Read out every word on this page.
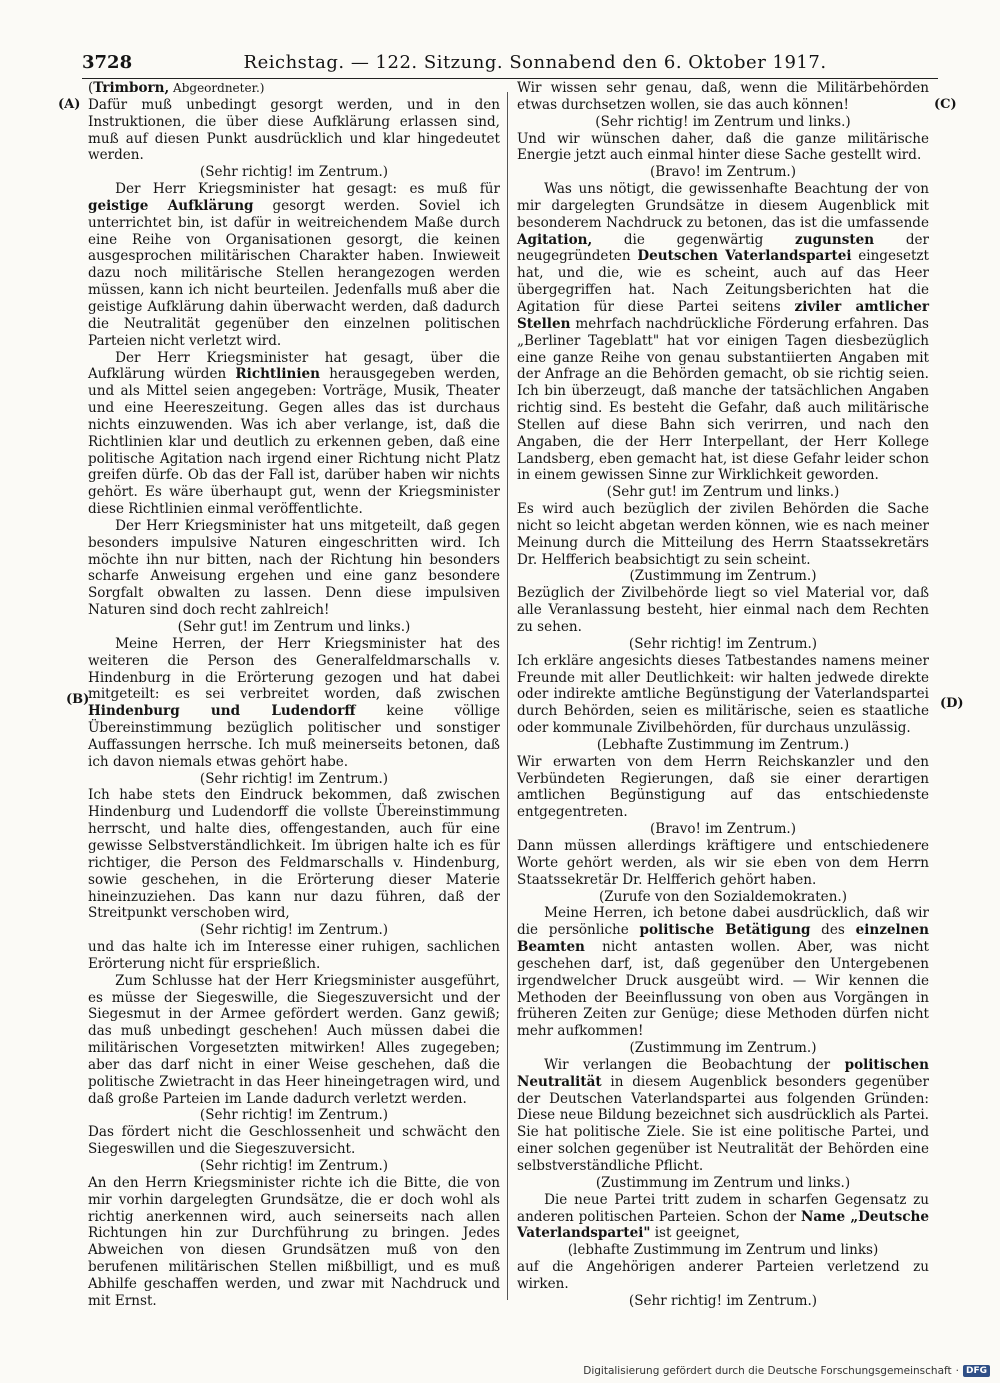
3728	Reichstag. — 122. Sitzung. Sonnabend den 6. Oktober 1917.

(Trimborn, Abgeordneter.)

Dafür muß unbedingt gesorgt werden, und in den Instruktionen, die über diese Aufklärung erlassen sind, muß auf diesen Punkt ausdrücklich und klar hingedeutet werden.

(Sehr richtig! im Zentrum.)

Der Herr Kriegsminister hat gesagt: es muß für geistige Aufklärung gesorgt werden. Soviel ich unterrichtet bin, ist dafür in weitreichendem Maße durch eine Reihe von Organisationen gesorgt, die keinen ausgesprochen militärischen Charakter haben. Inwieweit dazu noch militärische Stellen herangezogen werden müssen, kann ich nicht beurteilen. Jedenfalls muß aber die geistige Aufklärung dahin überwacht werden, daß dadurch die Neutralität gegenüber den einzelnen politischen Parteien nicht verletzt wird.

Der Herr Kriegsminister hat gesagt, über die Aufklärung würden Richtlinien herausgegeben werden, und als Mittel seien angegeben: Vorträge, Musik, Theater und eine Heereszeitung. Gegen alles das ist durchaus nichts einzuwenden. Was ich aber verlange, ist, daß die Richtlinien klar und deutlich zu erkennen geben, daß eine politische Agitation nach irgend einer Richtung nicht Platz greifen dürfe. Ob das der Fall ist, darüber haben wir nichts gehört. Es wäre überhaupt gut, wenn der Kriegsminister diese Richtlinien einmal veröffentlichte.

Der Herr Kriegsminister hat uns mitgeteilt, daß gegen besonders impulsive Naturen eingeschritten wird. Ich möchte ihn nur bitten, nach der Richtung hin besonders scharfe Anweisung ergehen und eine ganz besondere Sorgfalt obwalten zu lassen. Denn diese impulsiven Naturen sind doch recht zahlreich!

(Sehr gut! im Zentrum und links.)

Meine Herren, der Herr Kriegsminister hat des weiteren die Person des Generalfeldmarschalls v. Hindenburg in die Erörterung gezogen und hat dabei mitgeteilt: es sei verbreitet worden, daß zwischen Hindenburg und Ludendorff keine völlige Übereinstimmung bezüglich politischer und sonstiger Auffassungen herrsche. Ich muß meinerseits betonen, daß ich davon niemals etwas gehört habe.

(Sehr richtig! im Zentrum.)

Ich habe stets den Eindruck bekommen, daß zwischen Hindenburg und Ludendorff die vollste Übereinstimmung herrscht, und halte dies, offengestanden, auch für eine gewisse Selbstverständlichkeit. Im übrigen halte ich es für richtiger, die Person des Feldmarschalls v. Hindenburg, sowie geschehen, in die Erörterung dieser Materie hineinzuziehen. Das kann nur dazu führen, daß der Streitpunkt verschoben wird,

(Sehr richtig! im Zentrum.)

und das halte ich im Interesse einer ruhigen, sachlichen Erörterung nicht für ersprießlich.

Zum Schlusse hat der Herr Kriegsminister ausgeführt, es müsse der Siegeswille, die Siegeszuversicht und der Siegesmut in der Armee gefördert werden. Ganz gewiß; das muß unbedingt geschehen! Auch müssen dabei die militärischen Vorgesetzten mitwirken! Alles zugegeben; aber das darf nicht in einer Weise geschehen, daß die politische Zwietracht in das Heer hineingetragen wird, und daß große Parteien im Lande dadurch verletzt werden.

(Sehr richtig! im Zentrum.)

Das fördert nicht die Geschlossenheit und schwächt den Siegeswillen und die Siegeszuversicht.

(Sehr richtig! im Zentrum.)

An den Herrn Kriegsminister richte ich die Bitte, die von mir vorhin dargelegten Grundsätze, die er doch wohl als richtig anerkennen wird, auch seinerseits nach allen Richtungen hin zur Durchführung zu bringen. Jedes Abweichen von diesen Grundsätzen muß von den berufenen militärischen Stellen mißbilligt, und es muß Abhilfe geschaffen werden, und zwar mit Nachdruck und mit Ernst.

Wir wissen sehr genau, daß, wenn die Militärbehörden etwas durchsetzen wollen, sie das auch können!

(Sehr richtig! im Zentrum und links.)

Und wir wünschen daher, daß die ganze militärische Energie jetzt auch einmal hinter diese Sache gestellt wird.

(Bravo! im Zentrum.)

Was uns nötigt, die gewissenhafte Beachtung der von mir dargelegten Grundsätze in diesem Augenblick mit besonderem Nachdruck zu betonen, das ist die umfassende Agitation, die gegenwärtig zugunsten der neugegründeten Deutschen Vaterlandspartei eingesetzt hat, und die, wie es scheint, auch auf das Heer übergegriffen hat. Nach Zeitungsberichten hat die Agitation für diese Partei seitens ziviler amtlicher Stellen mehrfach nachdrückliche Förderung erfahren. Das „Berliner Tageblatt" hat vor einigen Tagen diesbezüglich eine ganze Reihe von genau substantiierten Angaben mit der Anfrage an die Behörden gemacht, ob sie richtig seien. Ich bin überzeugt, daß manche der tatsächlichen Angaben richtig sind. Es besteht die Gefahr, daß auch militärische Stellen auf diese Bahn sich verirren, und nach den Angaben, die der Herr Interpellant, der Herr Kollege Landsberg, eben gemacht hat, ist diese Gefahr leider schon in einem gewissen Sinne zur Wirklichkeit geworden.

(Sehr gut! im Zentrum und links.)

Es wird auch bezüglich der zivilen Behörden die Sache nicht so leicht abgetan werden können, wie es nach meiner Meinung durch die Mitteilung des Herrn Staatssekretärs Dr. Helfferich beabsichtigt zu sein scheint.

(Zustimmung im Zentrum.)

Bezüglich der Zivilbehörde liegt so viel Material vor, daß alle Veranlassung besteht, hier einmal nach dem Rechten zu sehen.

(Sehr richtig! im Zentrum.)

Ich erkläre angesichts dieses Tatbestandes namens meiner Freunde mit aller Deutlichkeit: wir halten jedwede direkte oder indirekte amtliche Begünstigung der Vaterlandspartei durch Behörden, seien es militärische, seien es staatliche oder kommunale Zivilbehörden, für durchaus unzulässig.

(Lebhafte Zustimmung im Zentrum.)

Wir erwarten von dem Herrn Reichskanzler und den Verbündeten Regierungen, daß sie einer derartigen amtlichen Begünstigung auf das entschiedenste entgegentreten.

(Bravo! im Zentrum.)

Dann müssen allerdings kräftigere und entschiedenere Worte gehört werden, als wir sie eben von dem Herrn Staatssekretär Dr. Helfferich gehört haben.

(Zurufe von den Sozialdemokraten.)

Meine Herren, ich betone dabei ausdrücklich, daß wir die persönliche politische Betätigung des einzelnen Beamten nicht antasten wollen. Aber, was nicht geschehen darf, ist, daß gegenüber den Untergebenen irgendwelcher Druck ausgeübt wird. — Wir kennen die Methoden der Beeinflussung von oben aus Vorgängen in früheren Zeiten zur Genüge; diese Methoden dürfen nicht mehr aufkommen!

(Zustimmung im Zentrum.)

Wir verlangen die Beobachtung der politischen Neutralität in diesem Augenblick besonders gegenüber der Deutschen Vaterlandspartei aus folgenden Gründen: Diese neue Bildung bezeichnet sich ausdrücklich als Partei. Sie hat politische Ziele. Sie ist eine politische Partei, und einer solchen gegenüber ist Neutralität der Behörden eine selbstverständliche Pflicht.

(Zustimmung im Zentrum und links.)

Die neue Partei tritt zudem in scharfen Gegensatz zu anderen politischen Parteien. Schon der Name „Deutsche Vaterlandspartei" ist geeignet,

(lebhafte Zustimmung im Zentrum und links)

auf die Angehörigen anderer Parteien verletzend zu wirken.

(Sehr richtig! im Zentrum.)

(A)
(B)
(C)
(D)
Digitalisierung gefördert durch die Deutsche Forschungsgemeinschaft · DFG
